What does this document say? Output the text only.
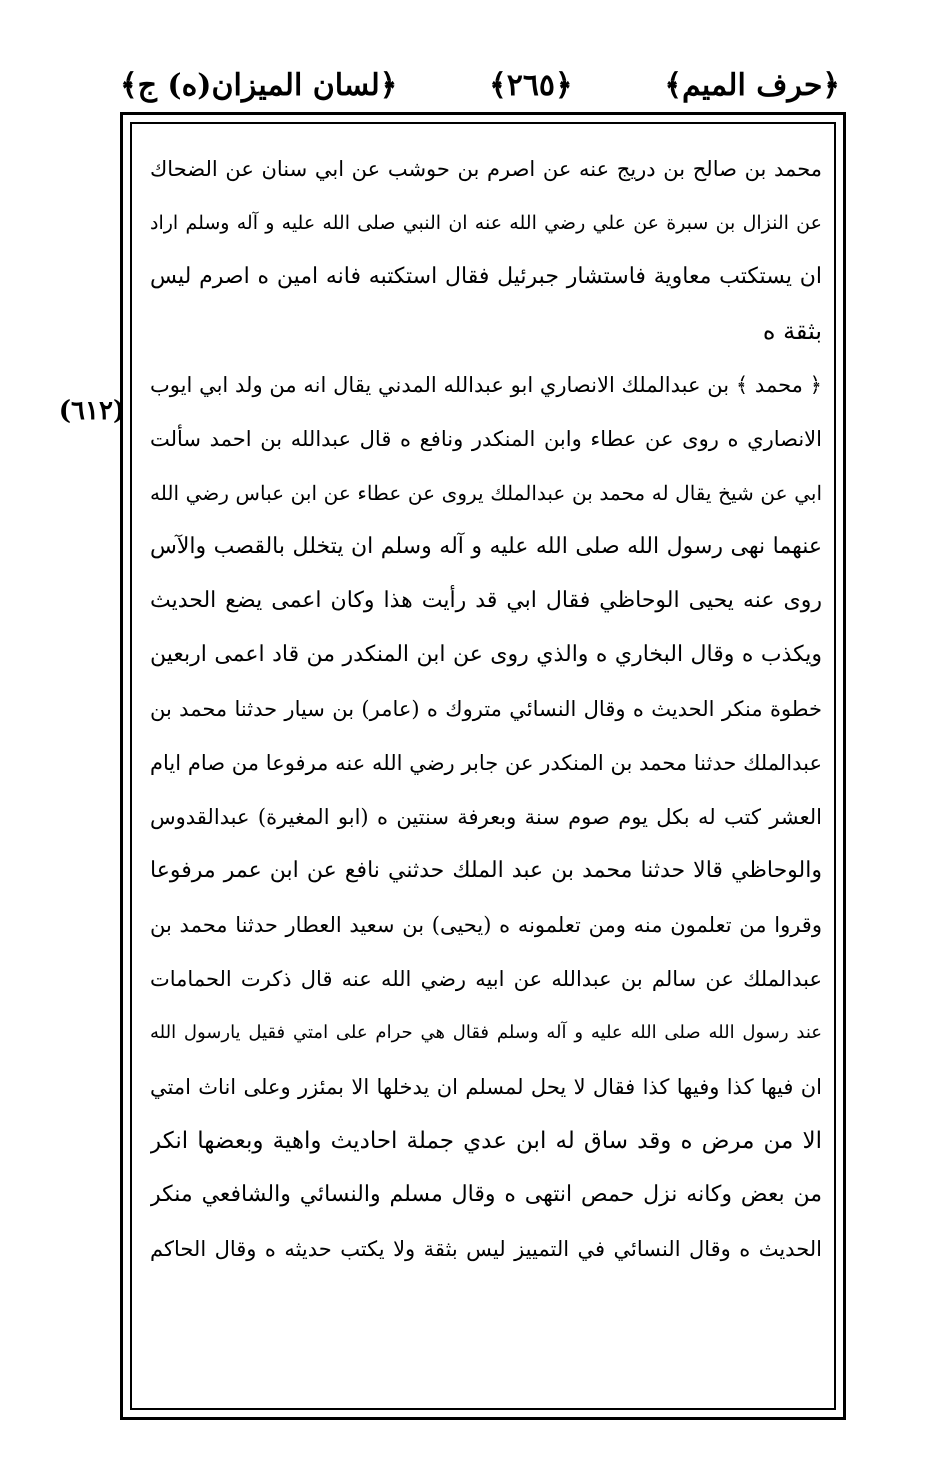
﴿حرف الميم﴾
﴿٢٦٥﴾
﴿لسان الميزان(ه) ج﴾
(٦١٢)
محمد بن صالح بن دريج عنه عن اصرم بن حوشب عن ابي سنان عن الضحاك
عن النزال بن سبرة عن علي رضي الله عنه ان النبي صلى الله عليه و آله وسلم اراد
ان يستكتب معاوية فاستشار جبرئيل فقال استكتبه فانه امين ه اصرم ليس
بثقة ه
﴿ محمد ﴾ بن عبدالملك الانصاري ابو عبدالله المدني يقال انه من ولد ابي ايوب
الانصاري ه روى عن عطاء وابن المنكدر ونافع ه قال عبدالله بن احمد سألت
ابي عن شيخ يقال له محمد بن عبدالملك يروى عن عطاء عن ابن عباس رضي الله
عنهما نهى رسول الله صلى الله عليه و آله وسلم ان يتخلل بالقصب والآس
روى عنه يحيى الوحاظي فقال ابي قد رأيت هذا وكان اعمى يضع الحديث
ويكذب ه وقال البخاري ه والذي روى عن ابن المنكدر من قاد اعمى اربعين
خطوة منكر الحديث ه وقال النسائي متروك ه (عامر) بن سيار حدثنا محمد بن
عبدالملك حدثنا محمد بن المنكدر عن جابر رضي الله عنه مرفوعا من صام ايام
العشر كتب له بكل يوم صوم سنة وبعرفة سنتين ه (ابو المغيرة) عبدالقدوس
والوحاظي قالا حدثنا محمد بن عبد الملك حدثني نافع عن ابن عمر مرفوعا
وقروا من تعلمون منه ومن تعلمونه ه (يحيى) بن سعيد العطار حدثنا محمد بن
عبدالملك عن سالم بن عبدالله عن ابيه رضي الله عنه قال ذكرت الحمامات
عند رسول الله صلى الله عليه و آله وسلم فقال هي حرام على امتي فقيل يارسول الله
ان فيها كذا وفيها كذا فقال لا يحل لمسلم ان يدخلها الا بمئزر وعلى اناث امتي
الا من مرض ه وقد ساق له ابن عدي جملة احاديث واهية وبعضها انكر
من بعض وكانه نزل حمص انتهى ه وقال مسلم والنسائي والشافعي منكر
الحديث ه وقال النسائي في التمييز ليس بثقة ولا يكتب حديثه ه وقال الحاكم
